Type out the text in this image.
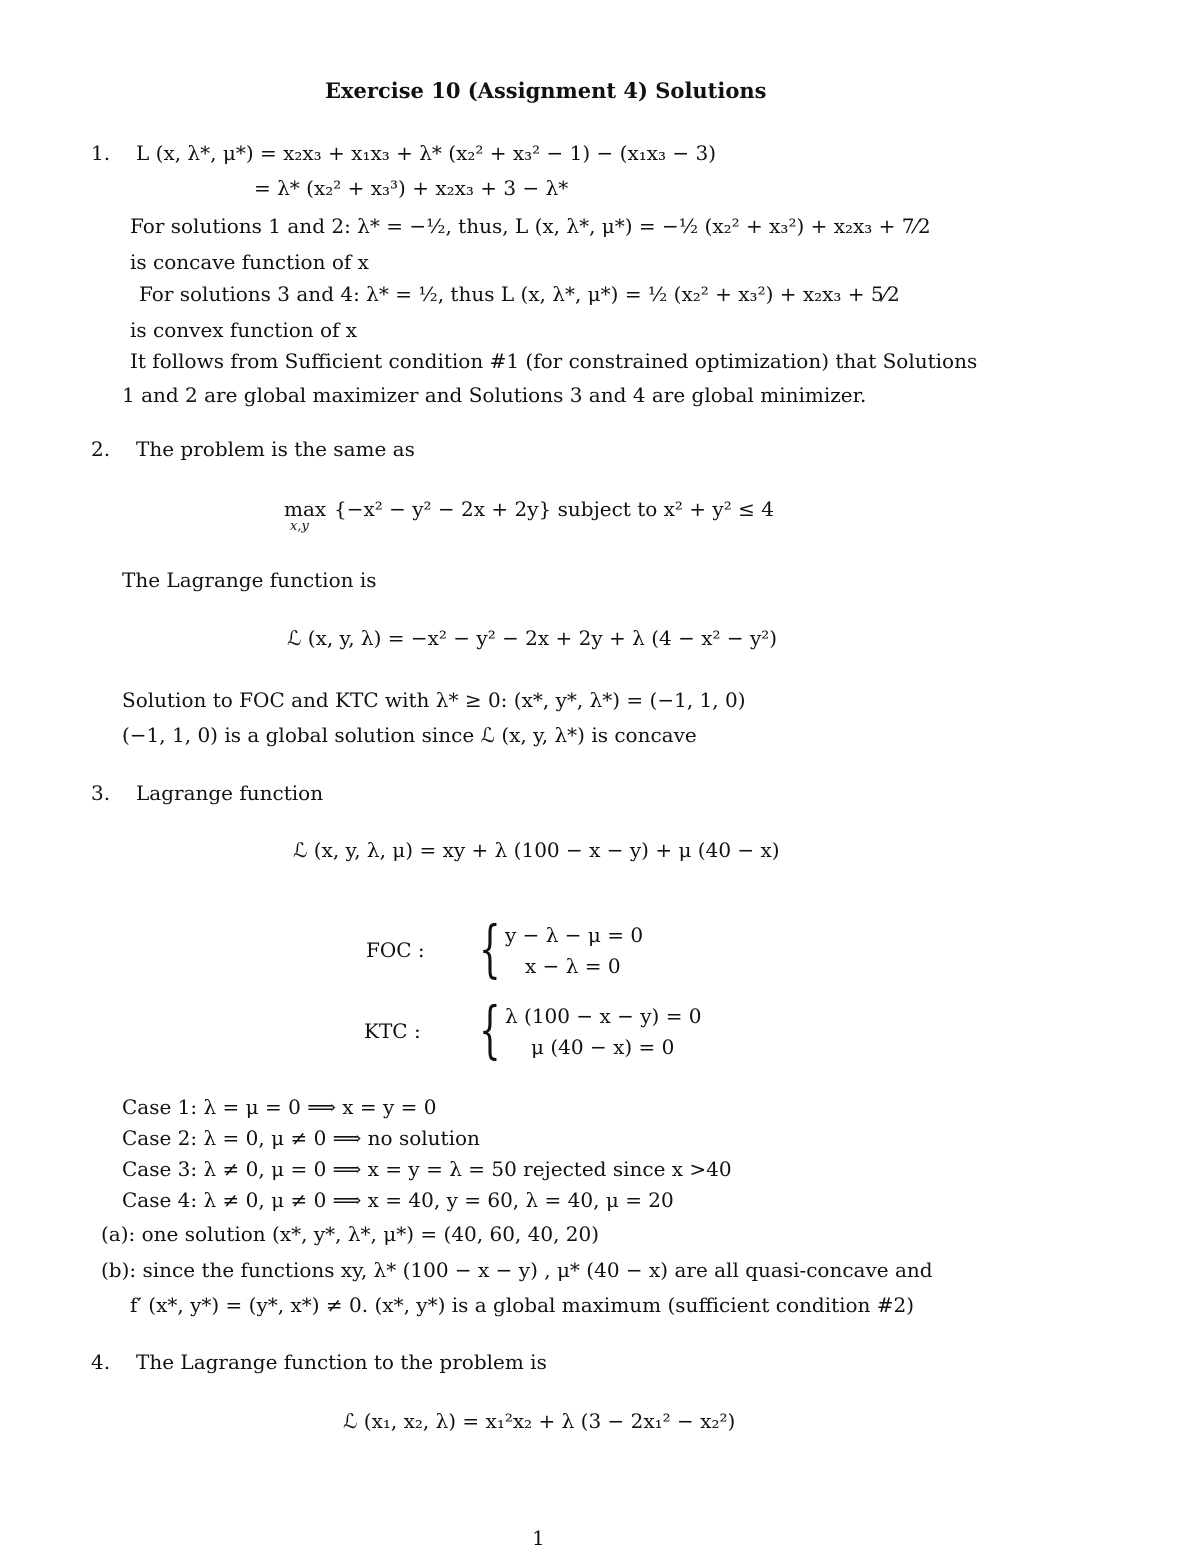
Exercise 10 (Assignment 4) Solutions
1. L (x, λ*, μ*) = x₂x₃ + x₁x₃ + λ* (x₂² + x₃² − 1) − (x₁x₃ − 3)
= λ* (x₂² + x₃³) + x₂x₃ + 3 − λ*
For solutions 1 and 2: λ* = −½, thus, L (x, λ*, μ*) = −½ (x₂² + x₃²) + x₂x₃ + 7⁄2
is concave function of x
For solutions 3 and 4: λ* = ½, thus L (x, λ*, μ*) = ½ (x₂² + x₃²) + x₂x₃ + 5⁄2
is convex function of x
It follows from Sufficient condition #1 (for constrained optimization) that Solutions
1 and 2 are global maximizer and Solutions 3 and 4 are global minimizer.
2. The problem is the same as
max
x,y
{−x² − y² − 2x + 2y} subject to x² + y² ≤ 4
The Lagrange function is
ℒ (x, y, λ) = −x² − y² − 2x + 2y + λ (4 − x² − y²)
Solution to FOC and KTC with λ* ≥ 0: (x*, y*, λ*) = (−1, 1, 0)
(−1, 1, 0) is a global solution since ℒ (x, y, λ*) is concave
3. Lagrange function
ℒ (x, y, λ, μ) = xy + λ (100 − x − y) + μ (40 − x)
FOC : { y − λ − μ = 0
x − λ = 0
KTC : { λ (100 − x − y) = 0
μ (40 − x) = 0
Case 1: λ = μ = 0 ⟹ x = y = 0
Case 2: λ = 0, μ ≠ 0 ⟹ no solution
Case 3: λ ≠ 0, μ = 0 ⟹ x = y = λ = 50 rejected since x >40
Case 4: λ ≠ 0, μ ≠ 0 ⟹ x = 40, y = 60, λ = 40, μ = 20
(a): one solution (x*, y*, λ*, μ*) = (40, 60, 40, 20)
(b): since the functions xy, λ* (100 − x − y) , μ* (40 − x) are all quasi-concave and
f′ (x*, y*) = (y*, x*) ≠ 0. (x*, y*) is a global maximum (sufficient condition #2)
4. The Lagrange function to the problem is
ℒ (x₁, x₂, λ) = x₁²x₂ + λ (3 − 2x₁² − x₂²)
1
